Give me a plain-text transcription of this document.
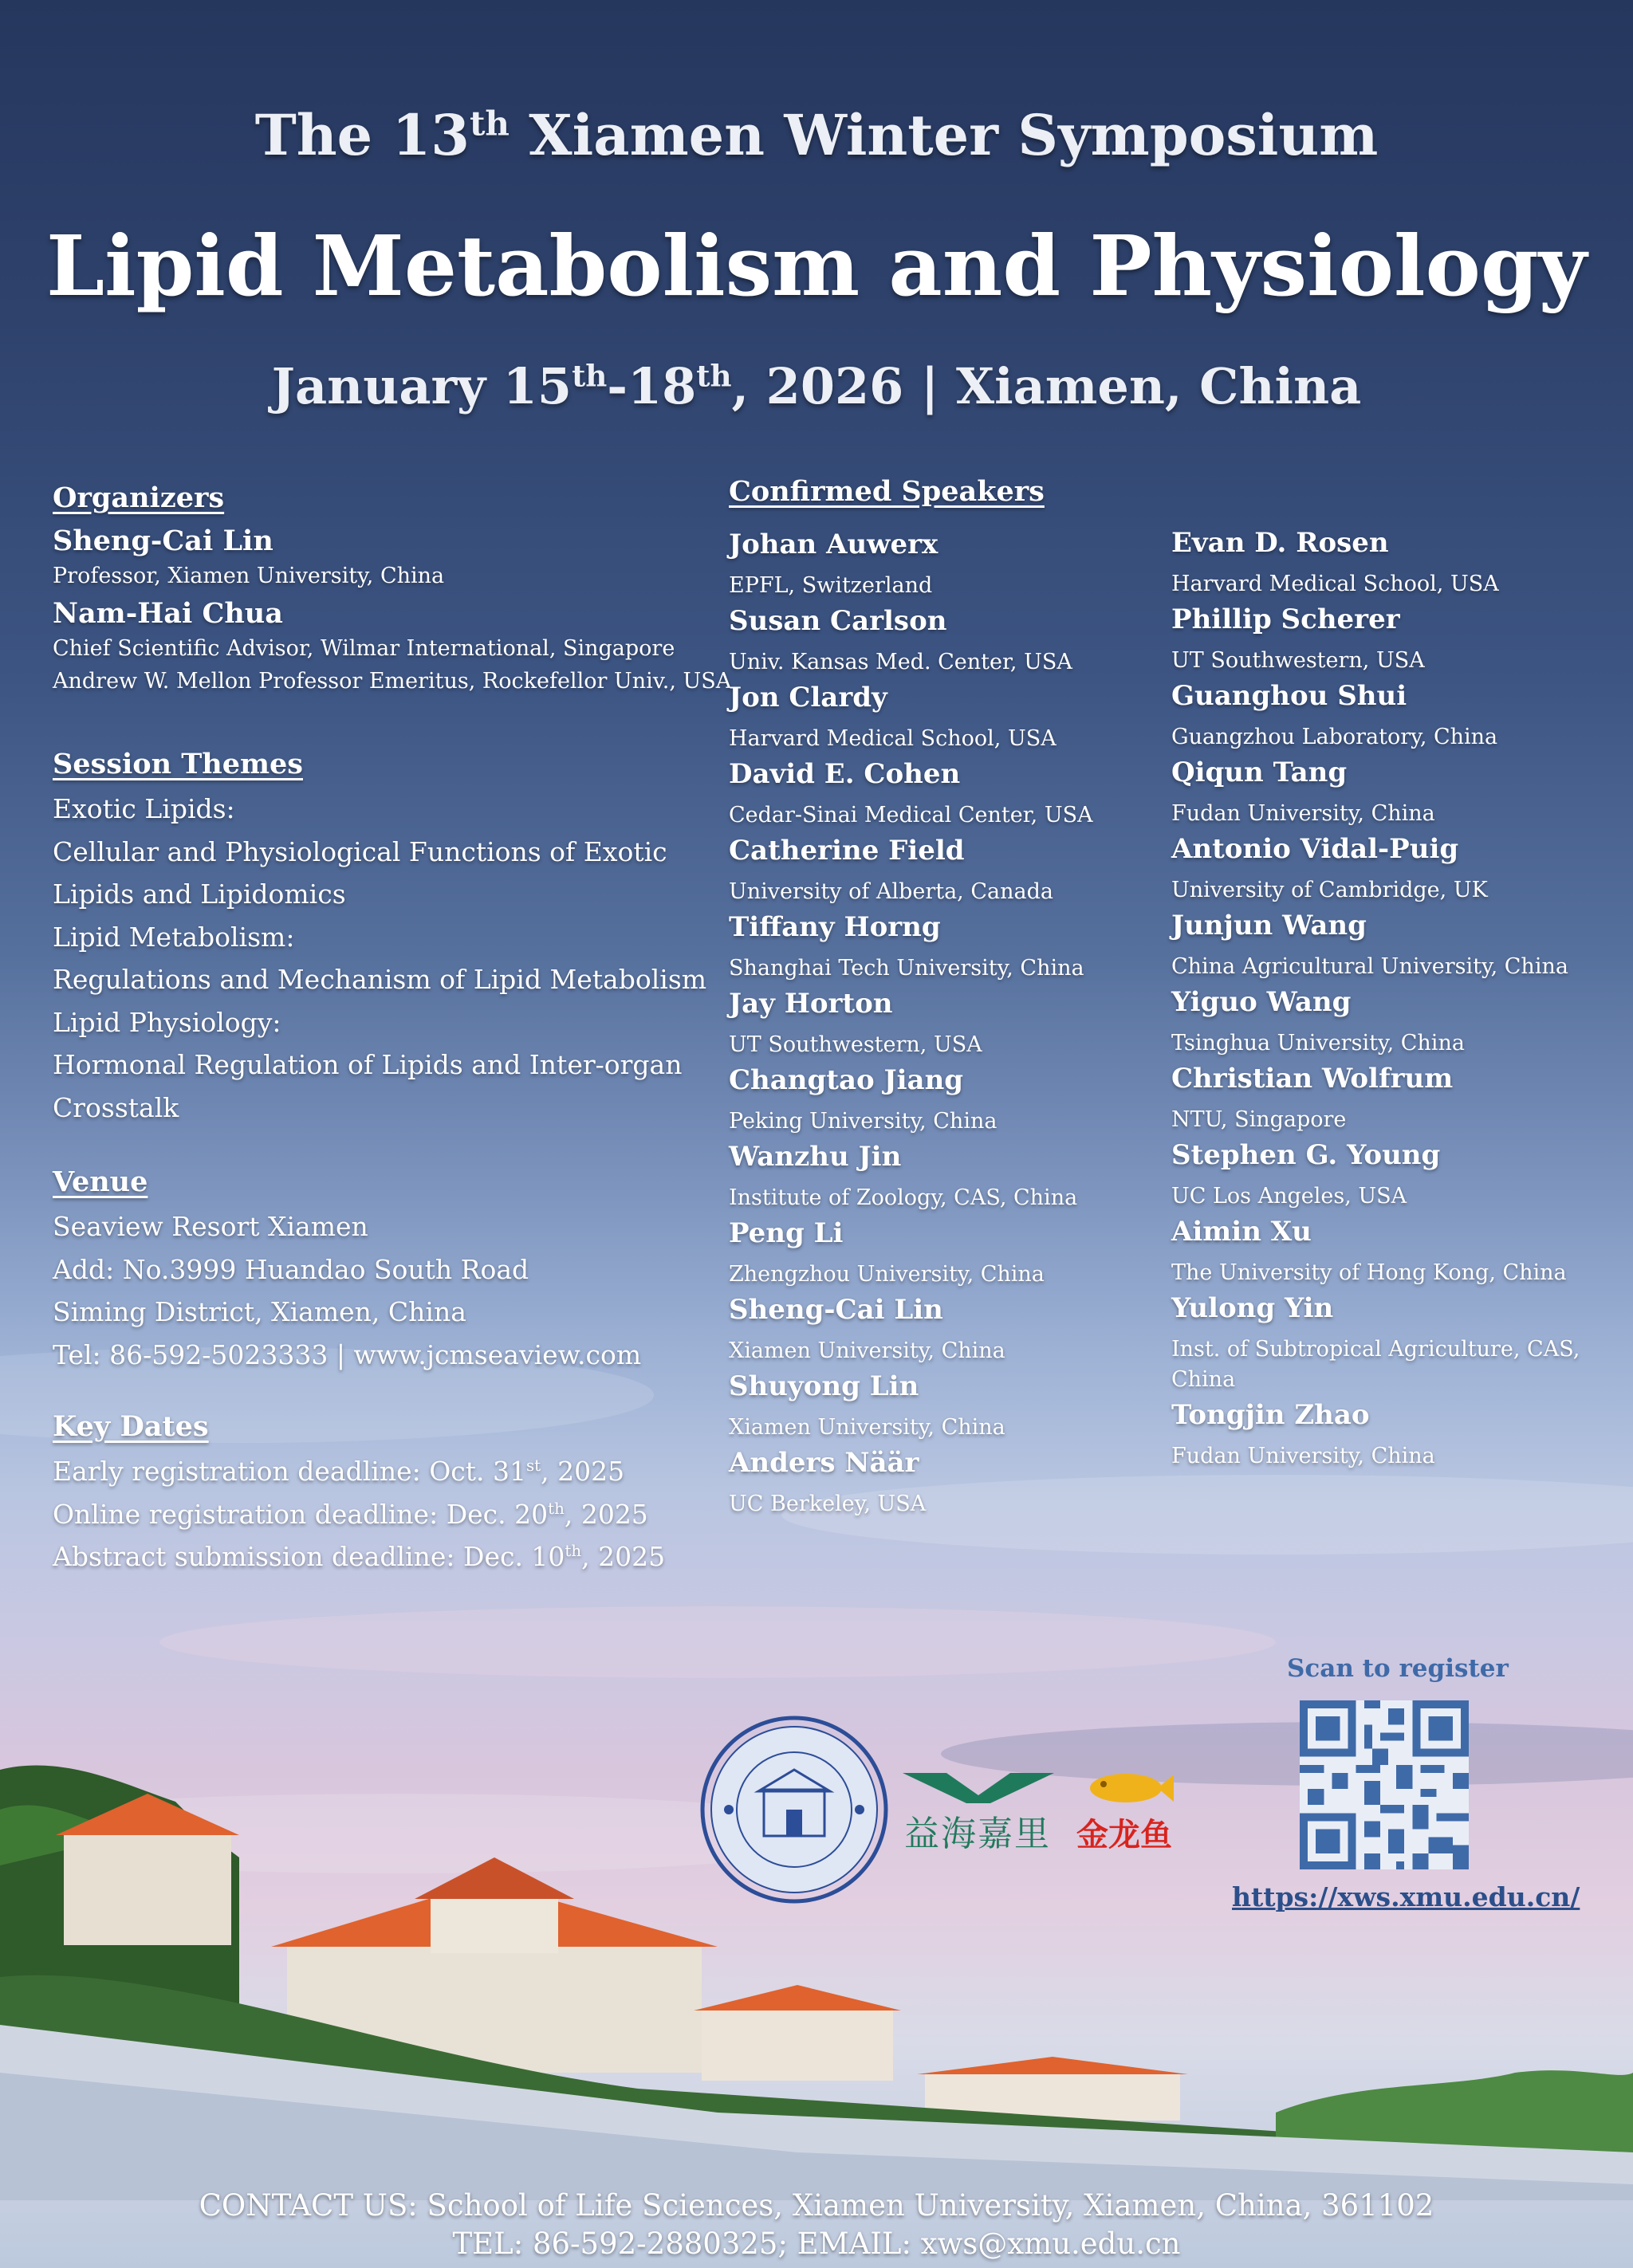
The 13th Xiamen Winter Symposium
Lipid Metabolism and Physiology
January 15th-18th, 2026 | Xiamen, China
Organizers
Sheng-Cai Lin
Professor, Xiamen University, China
Nam-Hai Chua
Chief Scientific Advisor, Wilmar International, Singapore
Andrew W. Mellon Professor Emeritus, Rockefellor Univ., USA
Session Themes
Exotic Lipids:
Cellular and Physiological Functions of Exotic
Lipids and Lipidomics
Lipid Metabolism:
Regulations and Mechanism of Lipid Metabolism
Lipid Physiology:
Hormonal Regulation of Lipids and Inter-organ
Crosstalk
Venue
Seaview Resort Xiamen
Add: No.3999 Huandao South Road
Siming District, Xiamen, China
Tel: 86-592-5023333 | www.jcmseaview.com
Key Dates
Early registration deadline: Oct. 31st, 2025
Online registration deadline: Dec. 20th, 2025
Abstract submission deadline: Dec. 10th, 2025
Confirmed Speakers
Johan Auwerx
EPFL, Switzerland
Susan Carlson
Univ. Kansas Med. Center, USA
Jon Clardy
Harvard Medical School, USA
David E. Cohen
Cedar-Sinai Medical Center, USA
Catherine Field
University of Alberta, Canada
Tiffany Horng
Shanghai Tech University, China
Jay Horton
UT Southwestern, USA
Changtao Jiang
Peking University, China
Wanzhu Jin
Institute of Zoology, CAS, China
Peng Li
Zhengzhou University, China
Sheng-Cai Lin
Xiamen University, China
Shuyong Lin
Xiamen University, China
Anders Näär
UC Berkeley, USA
Evan D. Rosen
Harvard Medical School, USA
Phillip Scherer
UT Southwestern, USA
Guanghou Shui
Guangzhou Laboratory, China
Qiqun Tang
Fudan University, China
Antonio Vidal-Puig
University of Cambridge, UK
Junjun Wang
China Agricultural University, China
Yiguo Wang
Tsinghua University, China
Christian Wolfrum
NTU, Singapore
Stephen G. Young
UC Los Angeles, USA
Aimin Xu
The University of Hong Kong, China
Yulong Yin
Inst. of Subtropical Agriculture, CAS, China
Tongjin Zhao
Fudan University, China
益海嘉里 金龙鱼
Scan to register
https://xws.xmu.edu.cn/
CONTACT US: School of Life Sciences, Xiamen University, Xiamen, China, 361102
TEL: 86-592-2880325; EMAIL: xws@xmu.edu.cn
